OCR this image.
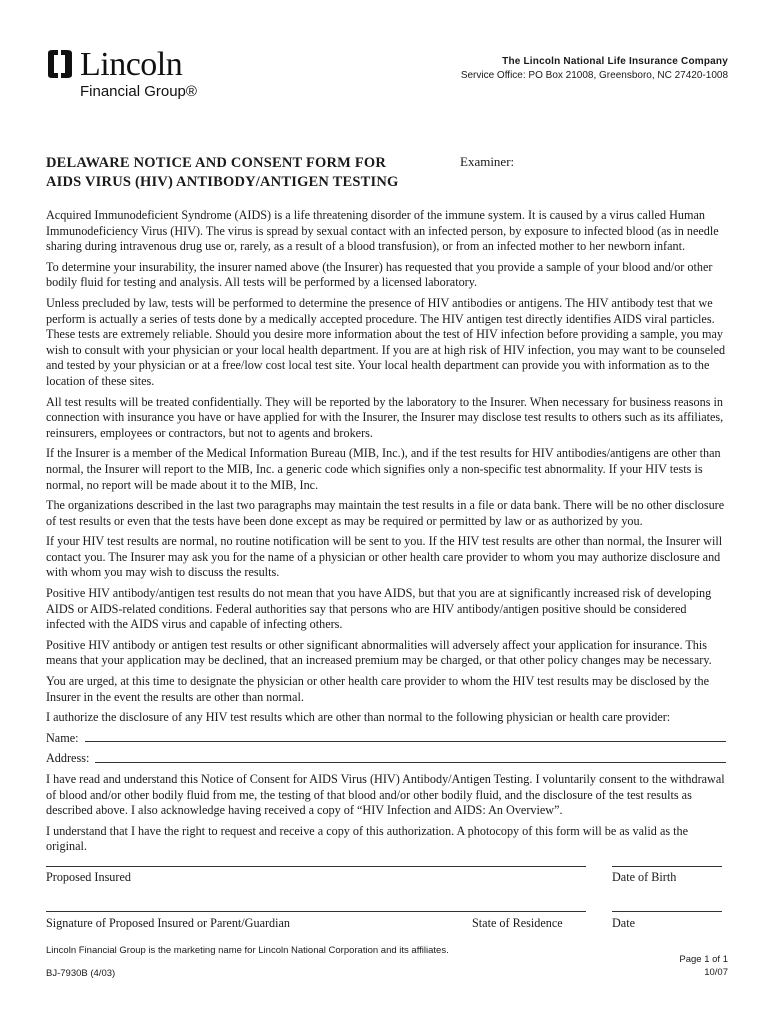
Lincoln
Financial Group®
The Lincoln National Life Insurance Company
Service Office: PO Box 21008, Greensboro, NC 27420-1008
DELAWARE NOTICE AND CONSENT FORM FOR
AIDS VIRUS (HIV) ANTIBODY/ANTIGEN TESTING
Examiner:

Acquired Immunodeficient Syndrome (AIDS) is a life threatening disorder of the immune system. It is caused by a virus called Human Immunodeficiency Virus (HIV). The virus is spread by sexual contact with an infected person, by exposure to infected blood (as in needle sharing during intravenous drug use or, rarely, as a result of a blood transfusion), or from an infected mother to her newborn infant.

To determine your insurability, the insurer named above (the Insurer) has requested that you provide a sample of your blood and/or other bodily fluid for testing and analysis. All tests will be performed by a licensed laboratory.

Unless precluded by law, tests will be performed to determine the presence of HIV antibodies or antigens. The HIV antibody test that we perform is actually a series of tests done by a medically accepted procedure. The HIV antigen test directly identifies AIDS viral particles. These tests are extremely reliable. Should you desire more information about the test of HIV infection before providing a sample, you may wish to consult with your physician or your local health department. If you are at high risk of HIV infection, you may want to be counseled and tested by your physician or at a free/low cost local test site. Your local health department can provide you with information as to the location of these sites.

All test results will be treated confidentially. They will be reported by the laboratory to the Insurer. When necessary for business reasons in connection with insurance you have or have applied for with the Insurer, the Insurer may disclose test results to others such as its affiliates, reinsurers, employees or contractors, but not to agents and brokers.

If the Insurer is a member of the Medical Information Bureau (MIB, Inc.), and if the test results for HIV antibodies/antigens are other than normal, the Insurer will report to the MIB, Inc. a generic code which signifies only a non-specific test abnormality. If your HIV tests is normal, no report will be made about it to the MIB, Inc.

The organizations described in the last two paragraphs may maintain the test results in a file or data bank. There will be no other disclosure of test results or even that the tests have been done except as may be required or permitted by law or as authorized by you.

If your HIV test results are normal, no routine notification will be sent to you. If the HIV test results are other than normal, the Insurer will contact you. The Insurer may ask you for the name of a physician or other health care provider to whom you may authorize disclosure and with whom you may wish to discuss the results.

Positive HIV antibody/antigen test results do not mean that you have AIDS, but that you are at significantly increased risk of developing AIDS or AIDS-related conditions. Federal authorities say that persons who are HIV antibody/antigen positive should be considered infected with the AIDS virus and capable of infecting others.

Positive HIV antibody or antigen test results or other significant abnormalities will adversely affect your application for insurance. This means that your application may be declined, that an increased premium may be charged, or that other policy changes may be necessary.

You are urged, at this time to designate the physician or other health care provider to whom the HIV test results may be disclosed by the Insurer in the event the results are other than normal.

I authorize the disclosure of any HIV test results which are other than normal to the following physician or health care provider:

Name:
Address:

I have read and understand this Notice of Consent for AIDS Virus (HIV) Antibody/Antigen Testing. I voluntarily consent to the withdrawal of blood and/or other bodily fluid from me, the testing of that blood and/or other bodily fluid, and the disclosure of the test results as described above. I also acknowledge having received a copy of “HIV Infection and AIDS: An Overview”.

I understand that I have the right to request and receive a copy of this authorization. A photocopy of this form will be as valid as the original.

Proposed Insured	Date of Birth
Signature of Proposed Insured or Parent/Guardian	State of Residence	Date
Lincoln Financial Group is the marketing name for Lincoln National Corporation and its affiliates.
BJ-7930B (4/03)
Page 1 of 1
10/07
